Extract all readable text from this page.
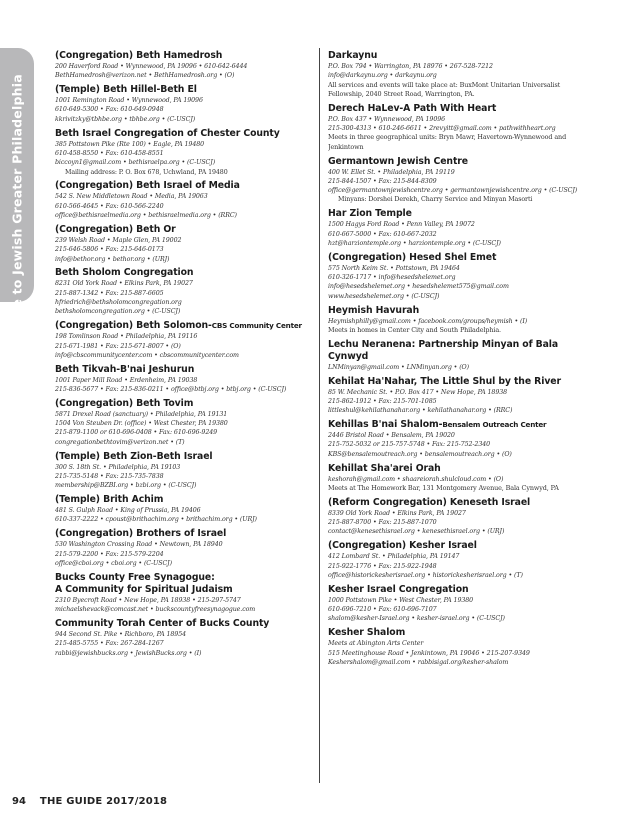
The Guide to Jewish Greater Philadelphia
(Congregation) Beth Hamedrosh
200 Haverford Road • Wynnewood, PA 19096 • 610-642-6444
BethHamedrosh@verizon.net • BethHamedrosh.org • (O)
(Temple) Beth Hillel-Beth El
1001 Remington Road • Wynnewood, PA 19096
610-649-5300 • Fax: 610-649-0948
kkrivitzky@tbhbe.org • tbhbe.org • (C-USCJ)
Beth Israel Congregation of Chester County
385 Pottstown Pike (Rte 100) • Eagle, PA 19480
610-458-8550 • Fax: 610-458-8551
biccoyn1@gmail.com • bethisraelpa.org • (C-USCJ)
Mailing address: P. O. Box 678, Uchwland, PA 19480
(Congregation) Beth Israel of Media
542 S. New Middletown Road • Media, PA 19063
610-566-4645 • Fax: 610-566-2240
office@bethisraelmedia.org • bethisraelmedia.org • (RRC)
(Congregation) Beth Or
239 Welsh Road • Maple Glen, PA 19002
215-646-5806 • Fax: 215-646-0173
info@bethor.org • bethor.org • (URJ)
Beth Sholom Congregation
8231 Old York Road • Elkins Park, PA 19027
215-887-1342 • Fax: 215-887-6605
hfriedrich@bethsholomcongregation.org
bethsholomcongregation.org • (C-USCJ)
(Congregation) Beth Solomon-CBS Community Center
198 Tomlinson Road • Philadelphia, PA 19116
215-671-1981 • Fax: 215-671-8007 • (O)
info@cbscommunitycenter.com • cbscommunitycenter.com
Beth Tikvah-B'nai Jeshurun
1001 Paper Mill Road • Erdenheim, PA 19038
215-836-5677 • Fax: 215-836-0211 • office@btbj.org • btbj.org • (C-USCJ)
(Congregation) Beth Tovim
5871 Drexel Road (sanctuary) • Philadelphia, PA 19131
1504 Von Steuben Dr. (office) • West Chester, PA 19380
215-879-1100 or 610-696-0408 • Fax: 610-696-9249
congregationbethtovim@verizon.net • (T)
(Temple) Beth Zion-Beth Israel
300 S. 18th St. • Philadelphia, PA 19103
215-735-5148 • Fax: 215-735-7838
membership@BZBI.org • bzbi.org • (C-USCJ)
(Temple) Brith Achim
481 S. Gulph Road • King of Prussia, PA 19406
610-337-2222 • cpoust@brithachim.org • brithachim.org • (URJ)
(Congregation) Brothers of Israel
530 Washington Crossing Road • Newtown, PA 18940
215-579-2200 • Fax: 215-579-2204
office@cboi.org • cboi.org • (C-USCJ)
Bucks County Free Synagogue:
A Community for Spiritual Judaism
2310 Byecroft Road • New Hope, PA 18938 • 215-297-5747
michaelshevack@comcast.net • buckscountyfreesynagogue.com
Community Torah Center of Bucks County
944 Second St. Pike • Richboro, PA 18954
215-485-5755 • Fax: 267-284-1267
rabbi@jewishbucks.org • JewishBucks.org • (I)
Darkaynu
P.O. Box 794 • Warrington, PA 18976 • 267-528-7212
info@darkaynu.org • darkaynu.org
All services and events will take place at: BuxMont Unitarian Universalist Fellowship, 2040 Street Road, Warrington, PA.
Derech HaLev-A Path With Heart
P.O. Box 437 • Wynnewood, PA 19096
215-300-4313 • 610-246-6611 • 2revyitt@gmail.com • pathwithheart.org
Meets in three geographical units: Bryn Mawr, Havertown-Wynnewood and Jenkintown
Germantown Jewish Centre
400 W. Ellet St. • Philadelphia, PA 19119
215-844-1507 • Fax: 215-844-8309
office@germantownjewishcentre.org • germantownjewishcentre.org • (C-USCJ)
Minyans: Dorshei Derekh, Charry Service and Minyan Masorti
Har Zion Temple
1500 Hagys Ford Road • Penn Valley, PA 19072
610-667-5000 • Fax: 610-667-2032
hzt@harziontemple.org • harziontemple.org • (C-USCJ)
(Congregation) Hesed Shel Emet
575 North Keim St. • Pottstown, PA 19464
610-326-1717 • info@hesedshelemet.org
info@hesedshelemet.org • hesedshelemet575@gmail.com
www.hesedshelemet.org • (C-USCJ)
Heymish Havurah
Heymishphilly@gmail.com • facebook.com/groups/heymish • (I)
Meets in homes in Center City and South Philadelphia.
Lechu Neranena: Partnership Minyan of Bala Cynwyd
LNMinyan@gmail.com • LNMinyan.org • (O)
Kehilat Ha'Nahar, The Little Shul by the River
85 W. Mechanic St. • P.O. Box 417 • New Hope, PA 18938
215-862-1912 • Fax: 215-701-1085
littleshul@kehilathanahar.org • kehilathanahar.org • (RRC)
Kehillas B'nai Shalom-Bensalem Outreach Center
2446 Bristol Road • Bensalem, PA 19020
215-752-5032 or 215-757-5748 • Fax: 215-752-2340
KBS@bensalemoutreach.org • bensalemoutreach.org • (O)
Kehillat Sha'arei Orah
keshorah@gmail.com • shaareiorah.shulcloud.com • (O)
Meets at The Homework Bar, 131 Montgomery Avenue, Bala Cynwyd, PA
(Reform Congregation) Keneseth Israel
8339 Old York Road • Elkins Park, PA 19027
215-887-8700 • Fax: 215-887-1070
contact@kenesethisrael.org • kenesethisrael.org • (URJ)
(Congregation) Kesher Israel
412 Lombard St. • Philadelphia, PA 19147
215-922-1776 • Fax: 215-922-1948
office@historickesherisrael.org • historickesherisrael.org • (T)
Kesher Israel Congregation
1000 Pottstown Pike • West Chester, PA 19380
610-696-7210 • Fax: 610-696-7107
shalom@kesher-Israel.org • kesher-israel.org • (C-USCJ)
Kesher Shalom
Meets at Abington Arts Center
515 Meetinghouse Road • Jenkintown, PA 19046 • 215-207-9349
Keshershalom@gmail.com • rabbisigal.org/kesher-shalom
94 THE GUIDE 2017/2018
